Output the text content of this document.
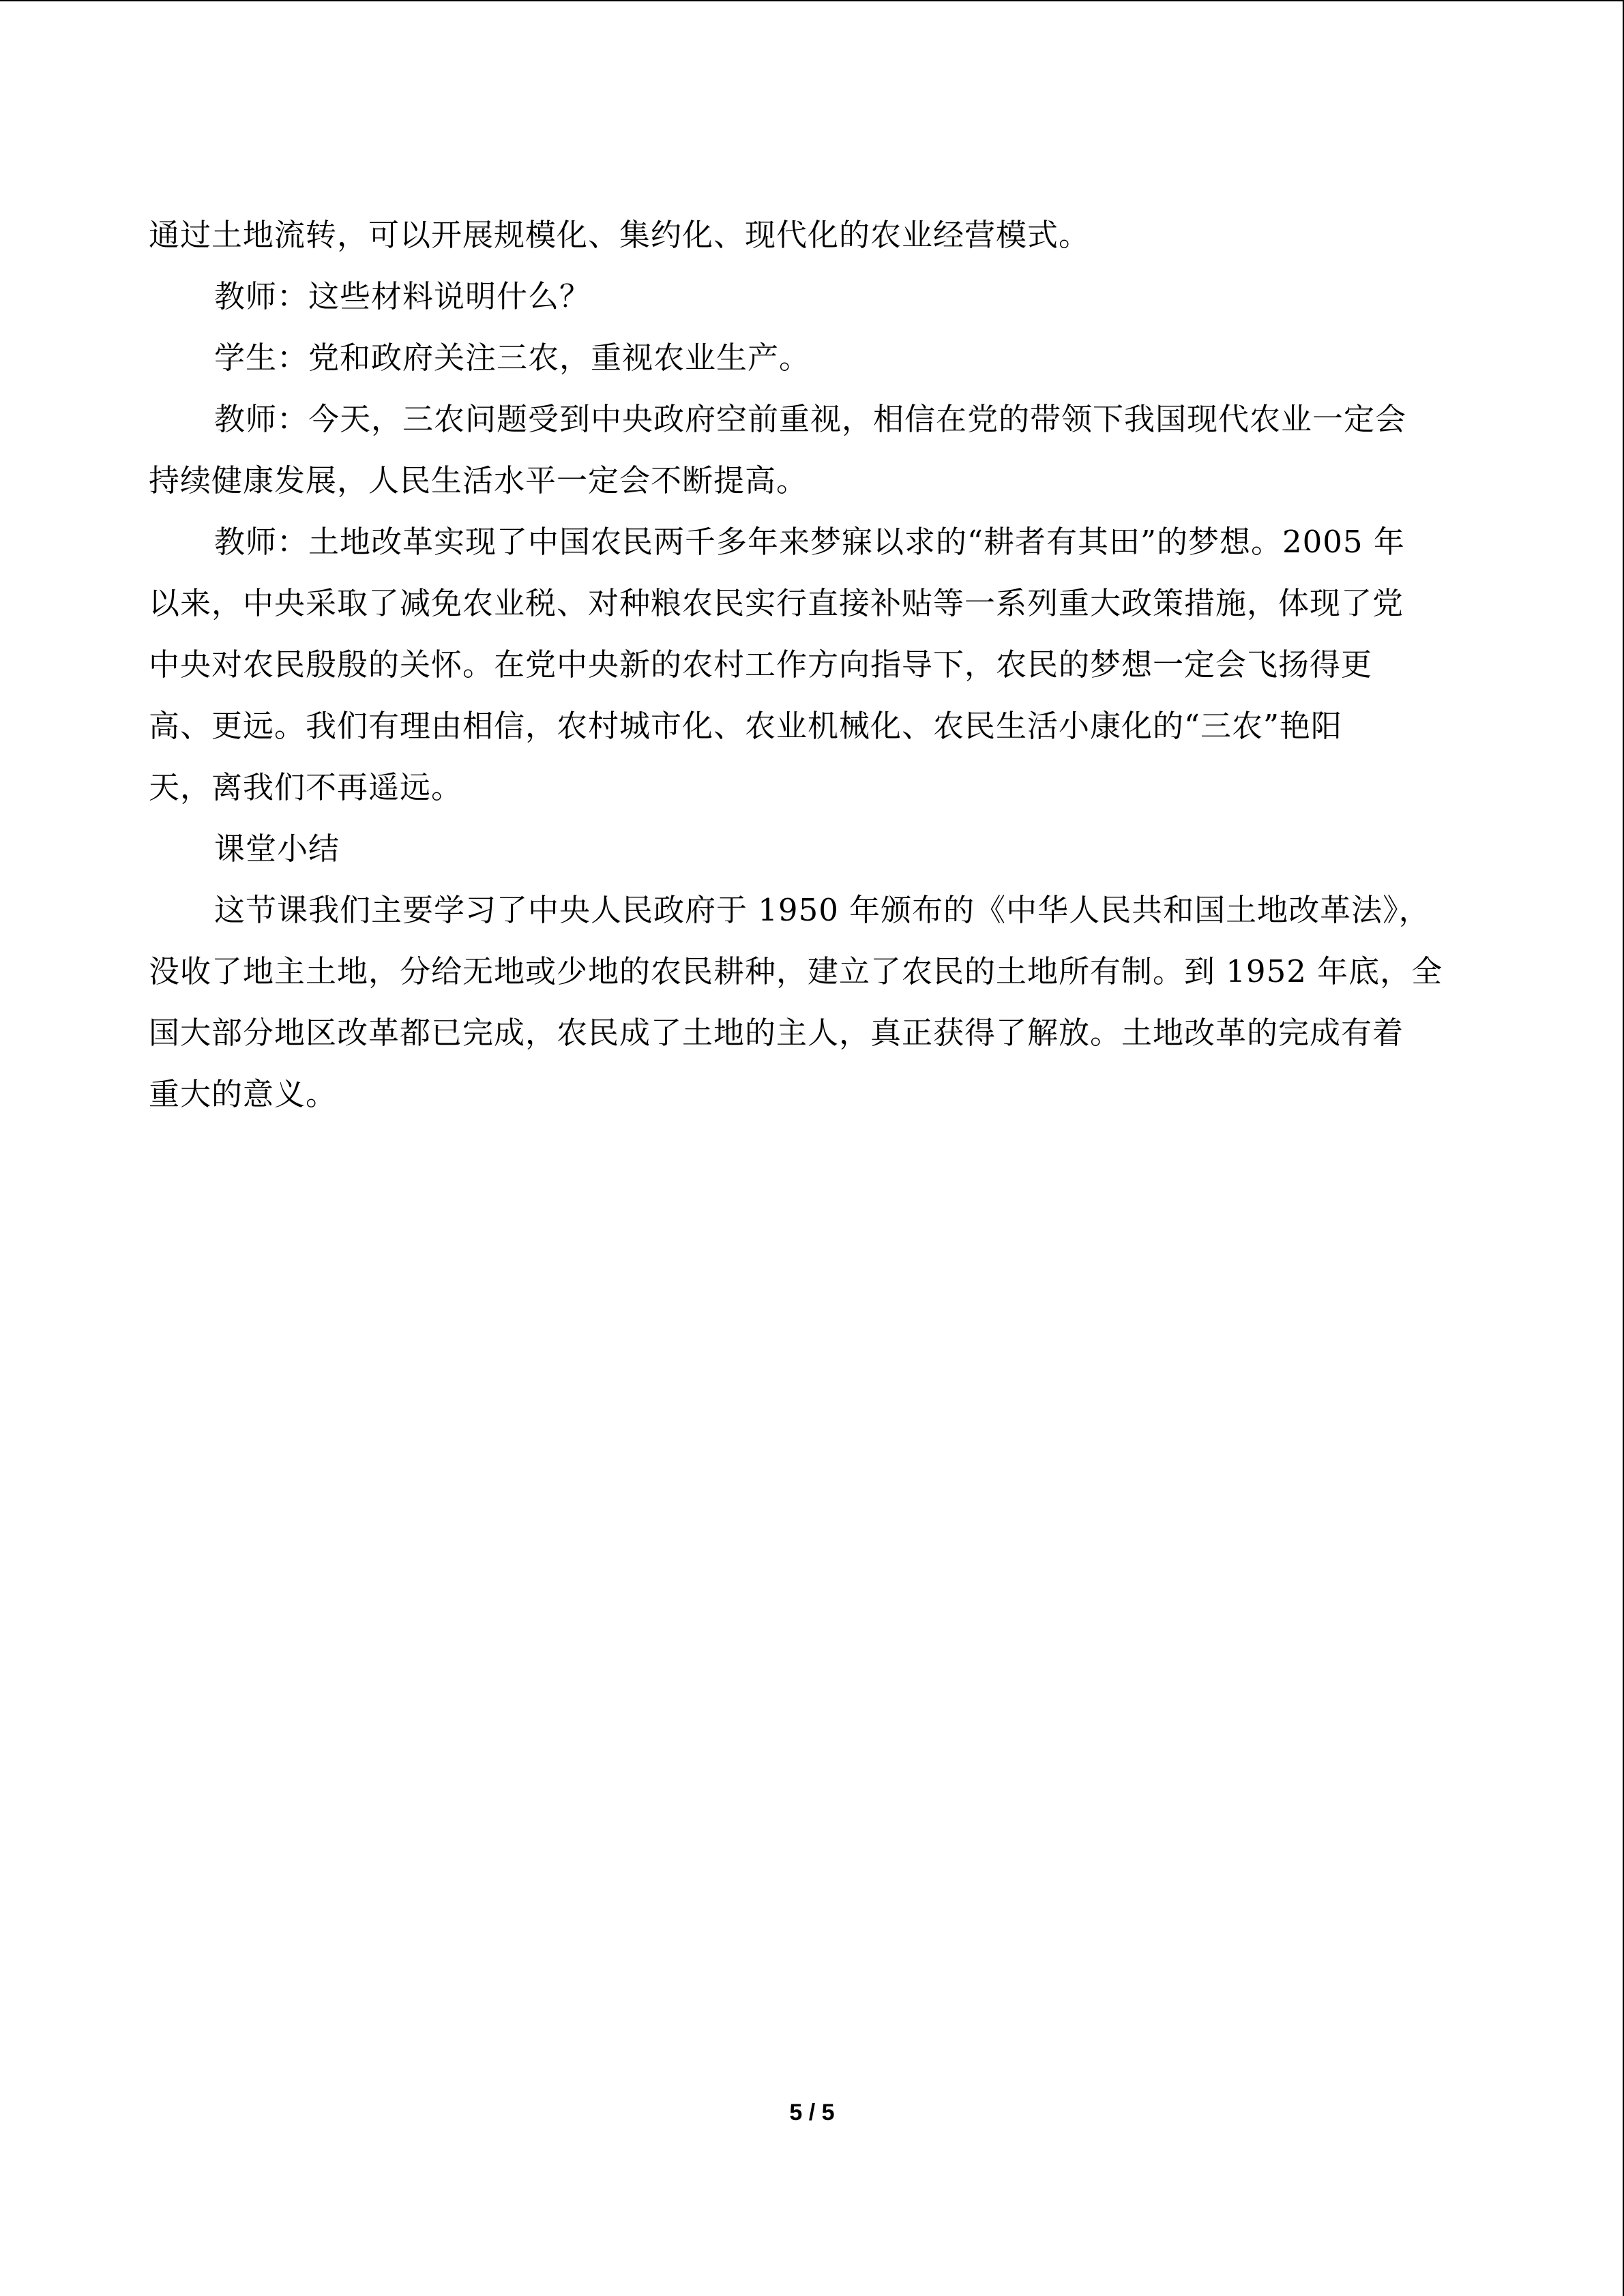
通过土地流转，可以开展规模化、集约化、现代化的农业经营模式。
教师：这些材料说明什么？
学生：党和政府关注三农，重视农业生产。
教师：今天，三农问题受到中央政府空前重视，相信在党的带领下我国现代农业一定会
持续健康发展，人民生活水平一定会不断提高。
教师：土地改革实现了中国农民两千多年来梦寐以求的“耕者有其田”的梦想。2005 年
以来，中央采取了减免农业税、对种粮农民实行直接补贴等一系列重大政策措施，体现了党
中央对农民殷殷的关怀。在党中央新的农村工作方向指导下，农民的梦想一定会飞扬得更
高、更远。我们有理由相信，农村城市化、农业机械化、农民生活小康化的“三农”艳阳
天，离我们不再遥远。
课堂小结
这节课我们主要学习了中央人民政府于 1950 年颁布的《中华人民共和国土地改革法》，
没收了地主土地，分给无地或少地的农民耕种，建立了农民的土地所有制。到 1952 年底，全
国大部分地区改革都已完成，农民成了土地的主人，真正获得了解放。土地改革的完成有着
重大的意义。
5 / 5
